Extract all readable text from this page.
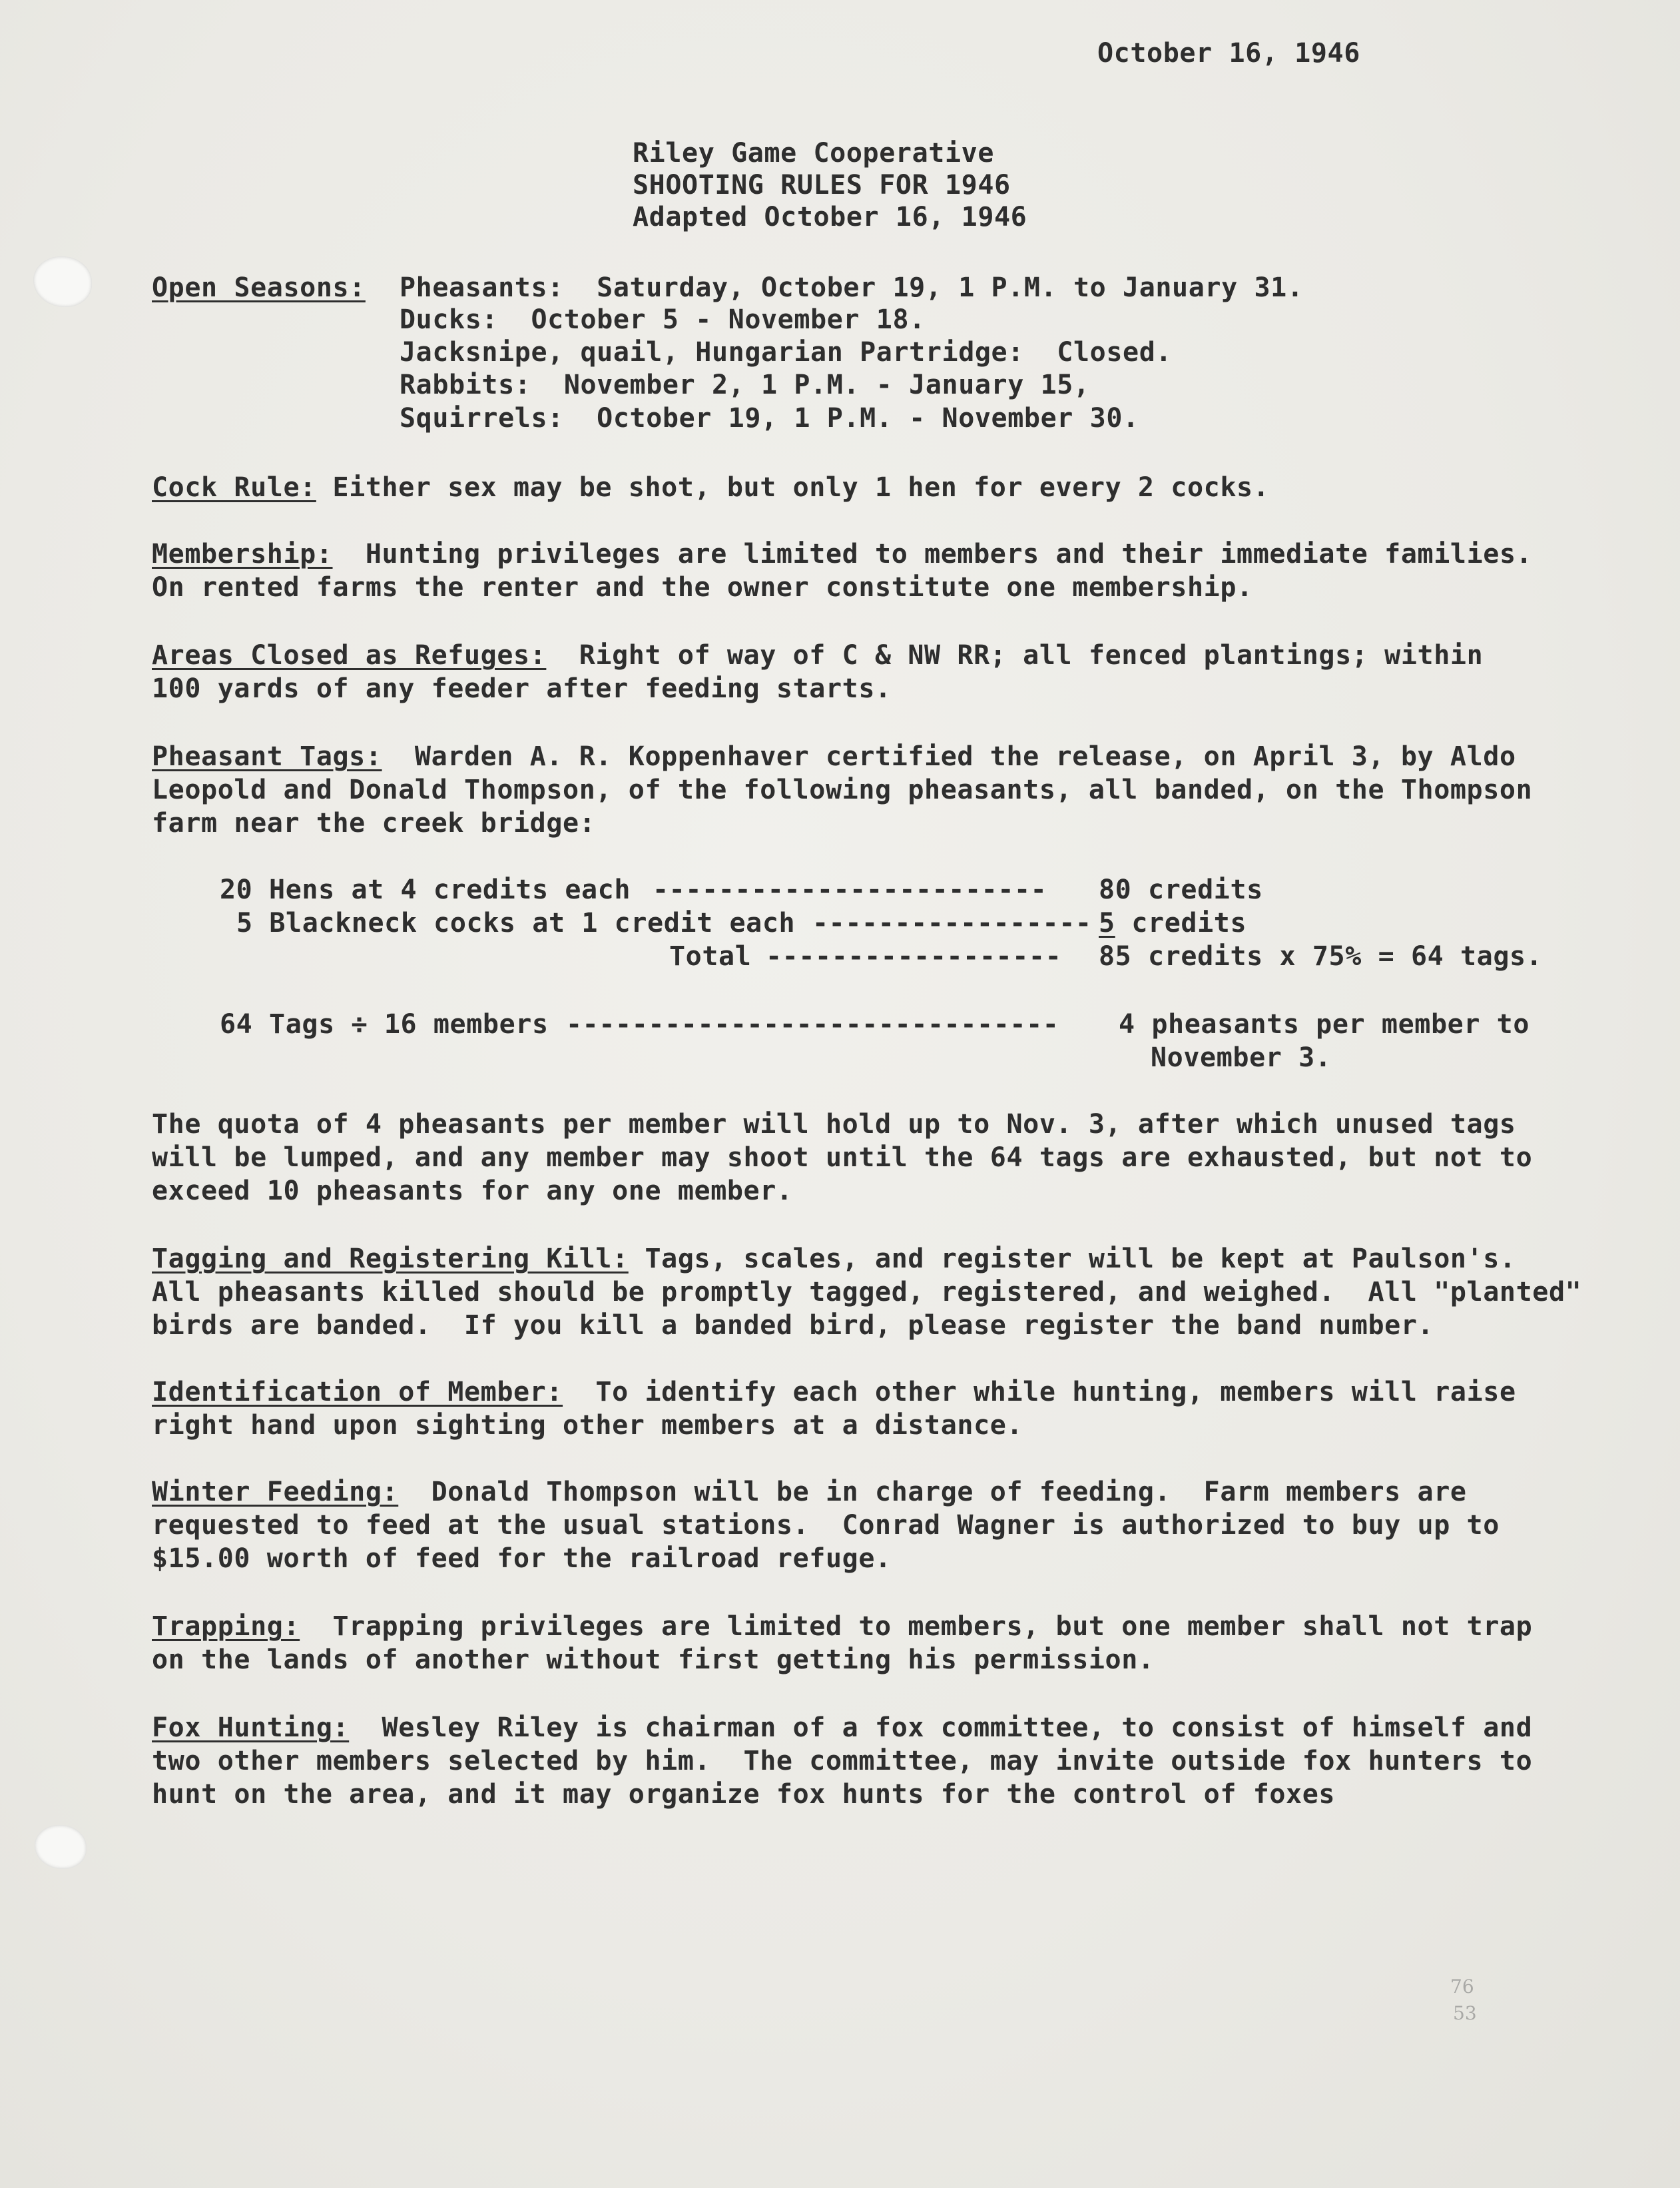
October 16, 1946
Riley Game Cooperative
SHOOTING RULES FOR 1946
Adapted October 16, 1946
Open Seasons: Pheasants:  Saturday, October 19, 1 P.M. to January 31.
Ducks:  October 5 - November 18.
Jacksnipe, quail, Hungarian Partridge:  Closed.
Rabbits:  November 2, 1 P.M. - January 15,
Squirrels:  October 19, 1 P.M. - November 30.
Cock Rule: Either sex may be shot, but only 1 hen for every 2 cocks.
Membership:  Hunting privileges are limited to members and their immediate families.
On rented farms the renter and the owner constitute one membership.
Areas Closed as Refuges:  Right of way of C & NW RR; all fenced plantings; within
100 yards of any feeder after feeding starts.
Pheasant Tags:  Warden A. R. Koppenhaver certified the release, on April 3, by Aldo
Leopold and Donald Thompson, of the following pheasants, all banded, on the Thompson
farm near the creek bridge:
20 Hens at 4 credits each ------------------------ 80 credits
5 Blackneck cocks at 1 credit each ----------------- 5 credits
Total ------------------ 85 credits x 75% = 64 tags.
64 Tags ÷ 16 members ------------------------------ 4 pheasants per member to
November 3.
The quota of 4 pheasants per member will hold up to Nov. 3, after which unused tags
will be lumped, and any member may shoot until the 64 tags are exhausted, but not to
exceed 10 pheasants for any one member.
Tagging and Registering Kill: Tags, scales, and register will be kept at Paulson's.
All pheasants killed should be promptly tagged, registered, and weighed.  All "planted"
birds are banded.  If you kill a banded bird, please register the band number.
Identification of Member:  To identify each other while hunting, members will raise
right hand upon sighting other members at a distance.
Winter Feeding:  Donald Thompson will be in charge of feeding.  Farm members are
requested to feed at the usual stations.  Conrad Wagner is authorized to buy up to
$15.00 worth of feed for the railroad refuge.
Trapping:  Trapping privileges are limited to members, but one member shall not trap
on the lands of another without first getting his permission.
Fox Hunting:  Wesley Riley is chairman of a fox committee, to consist of himself and
two other members selected by him.  The committee, may invite outside fox hunters to
hunt on the area, and it may organize fox hunts for the control of foxes
76
53
